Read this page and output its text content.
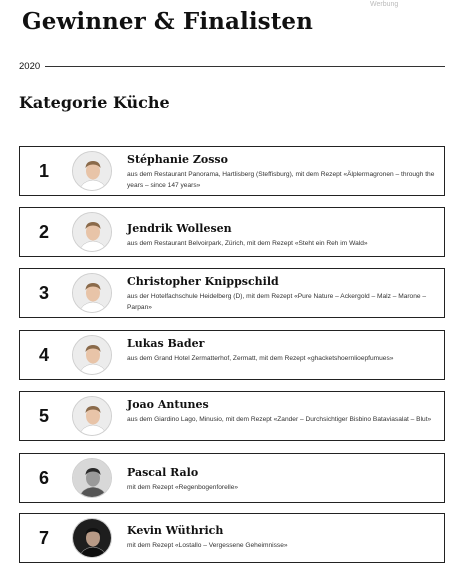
Werbung
Gewinner & Finalisten
2020
Kategorie Küche
1
Stéphanie Zosso
aus dem Restaurant Panorama, Hartlisberg (Steffisburg), mit dem Rezept «Älplermagronen – through the years – since 147 years»
2	Jendrik Wollesen
aus dem Restaurant Belvoirpark, Zürich, mit dem Rezept «Steht ein Reh im Wald»
3
Christopher Knippschild
aus der Hotelfachschule Heidelberg (D), mit dem Rezept «Pure Nature – Ackergold – Malz – Marone – Parpan»
4
Lukas Bader
aus dem Grand Hotel Zermatterhof, Zermatt, mit dem Rezept «ghacketshoernlioepfumues»
5
Joao Antunes
aus dem Giardino Lago, Minusio, mit dem Rezept «Zander – Durchsichtiger Bisbino Bataviasalat – Blut»
6	Pascal Ralo
mit dem Rezept «Regenbogenforelle»
7	Kevin Wüthrich
mit dem Rezept «Lostallo – Vergessene Geheimnisse»
